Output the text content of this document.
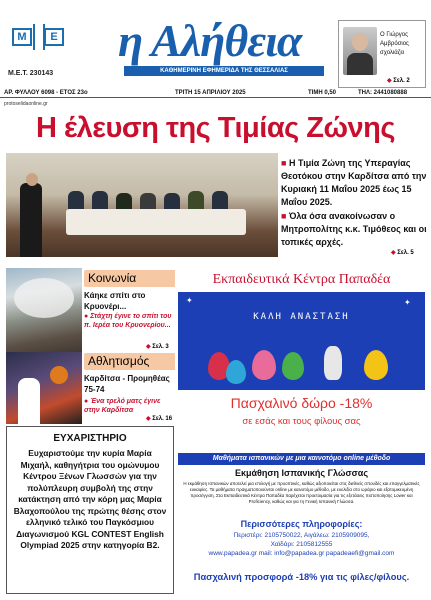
Μ	Ε
Μ.Ε.Τ. 230143
η Αλήθεια
ΚΑΘΗΜΕΡΙΝΗ ΕΦΗΜΕΡΙΔΑ ΤΗΣ ΘΕΣΣΑΛΙΑΣ
Ο Γιώργος Αμβρόσιος σχολιάζει
◆ Σελ. 2
ΑΡ. ΦΥΛΛΟΥ 6098 - ΕΤΟΣ 23ο	ΤΡΙΤΗ 15 ΑΠΡΙΛΙΟΥ 2025	ΤΙΜΗ 0,50	ΤΗΛ: 2441080888
protoselidaonline.gr
Η έλευση της Τιμίας Ζώνης

■ Η Τιμία Ζώνη της Υπεραγίας Θεοτόκου στην Καρδίτσα από την Κυριακή 11 Μαΐου 2025 έως 15 Μαΐου 2025.

■ Όλα όσα ανακοίνωσαν ο Μητροπολίτης κ.κ. Τιμόθεος και οι τοπικές αρχές.

◆ Σελ. 5
Κοινωνία
Κάηκε σπίτι στο Κρυονέρι...
● Στάχτη έγινε το σπίτι του π. Ιερέα του Κρυονερίου...
◆ Σελ. 3
Αθλητισμός
Καρδίτσα - Προμηθέας 75-74
● Ένα τρελό ματς έγινε στην Καρδίτσα
◆ Σελ. 16
ΕΥΧΑΡΙΣΤΗΡΙΟ
Ευχαριστούμε την κυρία Μαρία Μιχαήλ, καθηγήτρια του ομώνυμου Κέντρου Ξένων Γλωσσών για την πολύπλευρη συμβολή της στην κατάκτηση από την κόρη μας Μαρία Βλαχοπούλου της πρώτης θέσης στον ελληνικό τελικό του Παγκόσμιου Διαγωνισμού KGL CONTEST English Olympiad 2025 στην κατηγορία Β2.
Εκπαιδευτικά Κέντρα Παπαδέα
✦	✦
ΚΑΛΗ ΑΝΑΣΤΑΣΗ
Πασχαλινό δώρο -18%
σε εσάς και τους φίλους σας
Μαθήματα ισπανικών με μια καινοτόμο online μέθοδο
Εκμάθηση Ισπανικής Γλώσσας
Η εκμάθηση Ισπανικών αποτελεί μια επιλογή με προοπτικές, καθώς αξιοποιείται στις διεθνείς σπουδές και επαγγελματικές ευκαιρίες. Τα μαθήματα πραγματοποιούνται online με καινοτόμο μέθοδο, με ευελιξία στο ωράριο και εξατομικευμένη προσέγγιση. Στα Εκπαιδευτικά Κέντρα Παπαδέα παρέχεται προετοιμασία για τις εξετάσεις πιστοποίησης Lower και Proficiency, καθώς και για τη Γενική Ισπανική Γλώσσα.
Περισσότερες πληροφορίες:
Περιστέρι: 2105750022, Αιγάλεω: 2105909095,
Χαϊδάρι: 2105812555
www.papadea.gr mail: info@papadea.gr papadeaefi@gmail.com
Πασχαλινή προσφορά -18% για τις φίλες/φίλους.
